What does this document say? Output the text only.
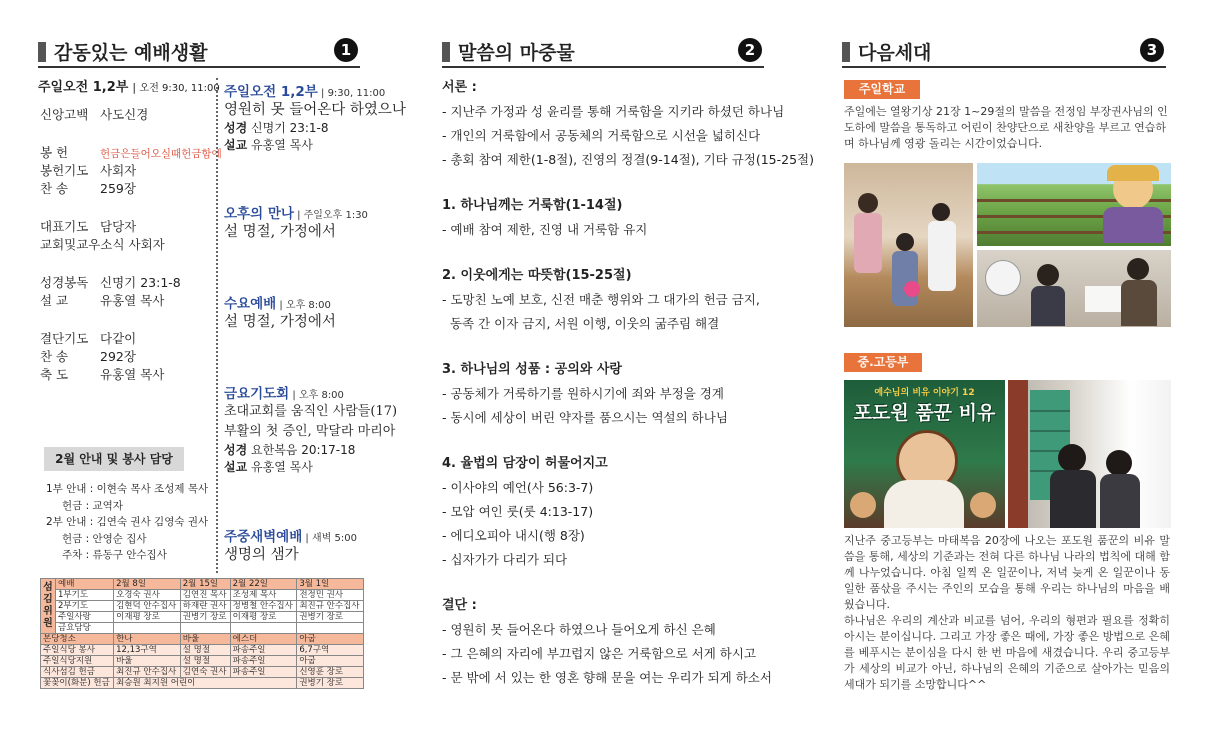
감동있는 예배생활	1	말씀의 마중물	2	다음세대	3
주일오전 1,2부 | 오전 9:30, 11:00
신앙고백 사도신경
봉 헌	헌금은들어오실때헌금함에
봉헌기도 사회자
찬 송	259장
대표기도 담당자
교회및교우소식 사회자
성경봉독 신명기 23:1-8
설 교	유홍열 목사
결단기도 다같이
찬 송	292장
축 도	유홍열 목사
주일오전 1,2부 | 9:30, 11:00
영원히 못 들어온다 하였으나
성경 신명기 23:1-8
설교 유홍열 목사
오후의 만나 | 주일오후 1:30
설 명절, 가정에서
수요예배 | 오후 8:00
설 명절, 가정에서
금요기도회 | 오후 8:00
초대교회를 움직인 사람들(17)
부활의 첫 증인, 막달라 마리아
성경 요한복음 20:17-18
설교 유홍열 목사
주중새벽예배 | 새벽 5:00
생명의 샘가
2월 안내 및 봉사 담당
1부 안내 : 이현숙 목사 조성제 목사
헌금 : 교역자
2부 안내 : 김연숙 권사 김영숙 권사
헌금 : 안영순 집사
주차 : 류동구 안수집사
섬김위원	예배	2월 8일	2월 15일	2월 22일	3월 1일
	1부기도	오경숙 권사	김연진 목사	조성제 목사	전정민 권사
	2부기도	김현덕 안수집사	하재란 권사	정병철 안수집사	최진규 안수집사
	주일사랑	이재평 장로	권병기 장로	이재평 장로	권병기 장로
	금요담당				
본당청소		한나	바울	에스더	아굽
주일식당 봉사		12,13구역	설 명절	파송주일	6,7구역
주일식당지원		바울	설 명절	파송주일	아굽
식사섬김 헌금		최진규 안수집사	김연숙 권사	파송주일	신영훈 장로
꽃꽂이(화분) 헌금		최승원 최지원 어린이			권병기 장로
서론 :
- 지난주 가정과 성 윤리를 통해 거룩함을 지키라 하셨던 하나님
- 개인의 거룩함에서 공동체의 거룩함으로 시선을 넓히신다
- 총회 참여 제한(1-8절), 진영의 정결(9-14절), 기타 규정(15-25절)
1. 하나님께는 거룩함(1-14절)
- 예배 참여 제한, 진영 내 거룩함 유지
2. 이웃에게는 따뜻함(15-25절)
- 도망친 노예 보호, 신전 매춘 행위와 그 대가의 헌금 금지,
동족 간 이자 금지, 서원 이행, 이웃의 굶주림 해결
3. 하나님의 성품 : 공의와 사랑
- 공동체가 거룩하기를 원하시기에 죄와 부정을 경계
- 동시에 세상이 버린 약자를 품으시는 역설의 하나님
4. 율법의 담장이 허물어지고
- 이사야의 예언(사 56:3-7)
- 모압 여인 룻(룻 4:13-17)
- 에디오피아 내시(행 8장)
- 십자가가 다리가 되다
결단 :
- 영원히 못 들어온다 하였으나 들어오게 하신 은혜
- 그 은혜의 자리에 부끄럽지 않은 거룩함으로 서게 하시고
- 문 밖에 서 있는 한 영혼 향해 문을 여는 우리가 되게 하소서
주일학교
주일에는 열왕기상 21장 1~29절의 말씀을 전정임 부장권사님의 인도하에 말씀을 통독하고 어린이 찬양단으로 새찬양을 부르고 연습하며 하나님께 영광 돌리는 시간이었습니다.
중.고등부
예수님의 비유 이야기 12
포도원 품꾼 비유
지난주 중고등부는 마태복음 20장에 나오는 포도원 품꾼의 비유 말씀을 통해, 세상의 기준과는 전혀 다른 하나님 나라의 법칙에 대해 함께 나누었습니다. 아침 일찍 온 일꾼이나, 저녁 늦게 온 일꾼이나 동일한 품삯을 주시는 주인의 모습을 통해 우리는 하나님의 마음을 배웠습니다.
하나님은 우리의 계산과 비교를 넘어, 우리의 형편과 필요를 정확히 아시는 분이십니다. 그리고 가장 좋은 때에, 가장 좋은 방법으로 은혜를 베푸시는 분이심을 다시 한 번 마음에 새겼습니다. 우리 중고등부가 세상의 비교가 아닌, 하나님의 은혜의 기준으로 살아가는 믿음의 세대가 되기를 소망합니다^^
